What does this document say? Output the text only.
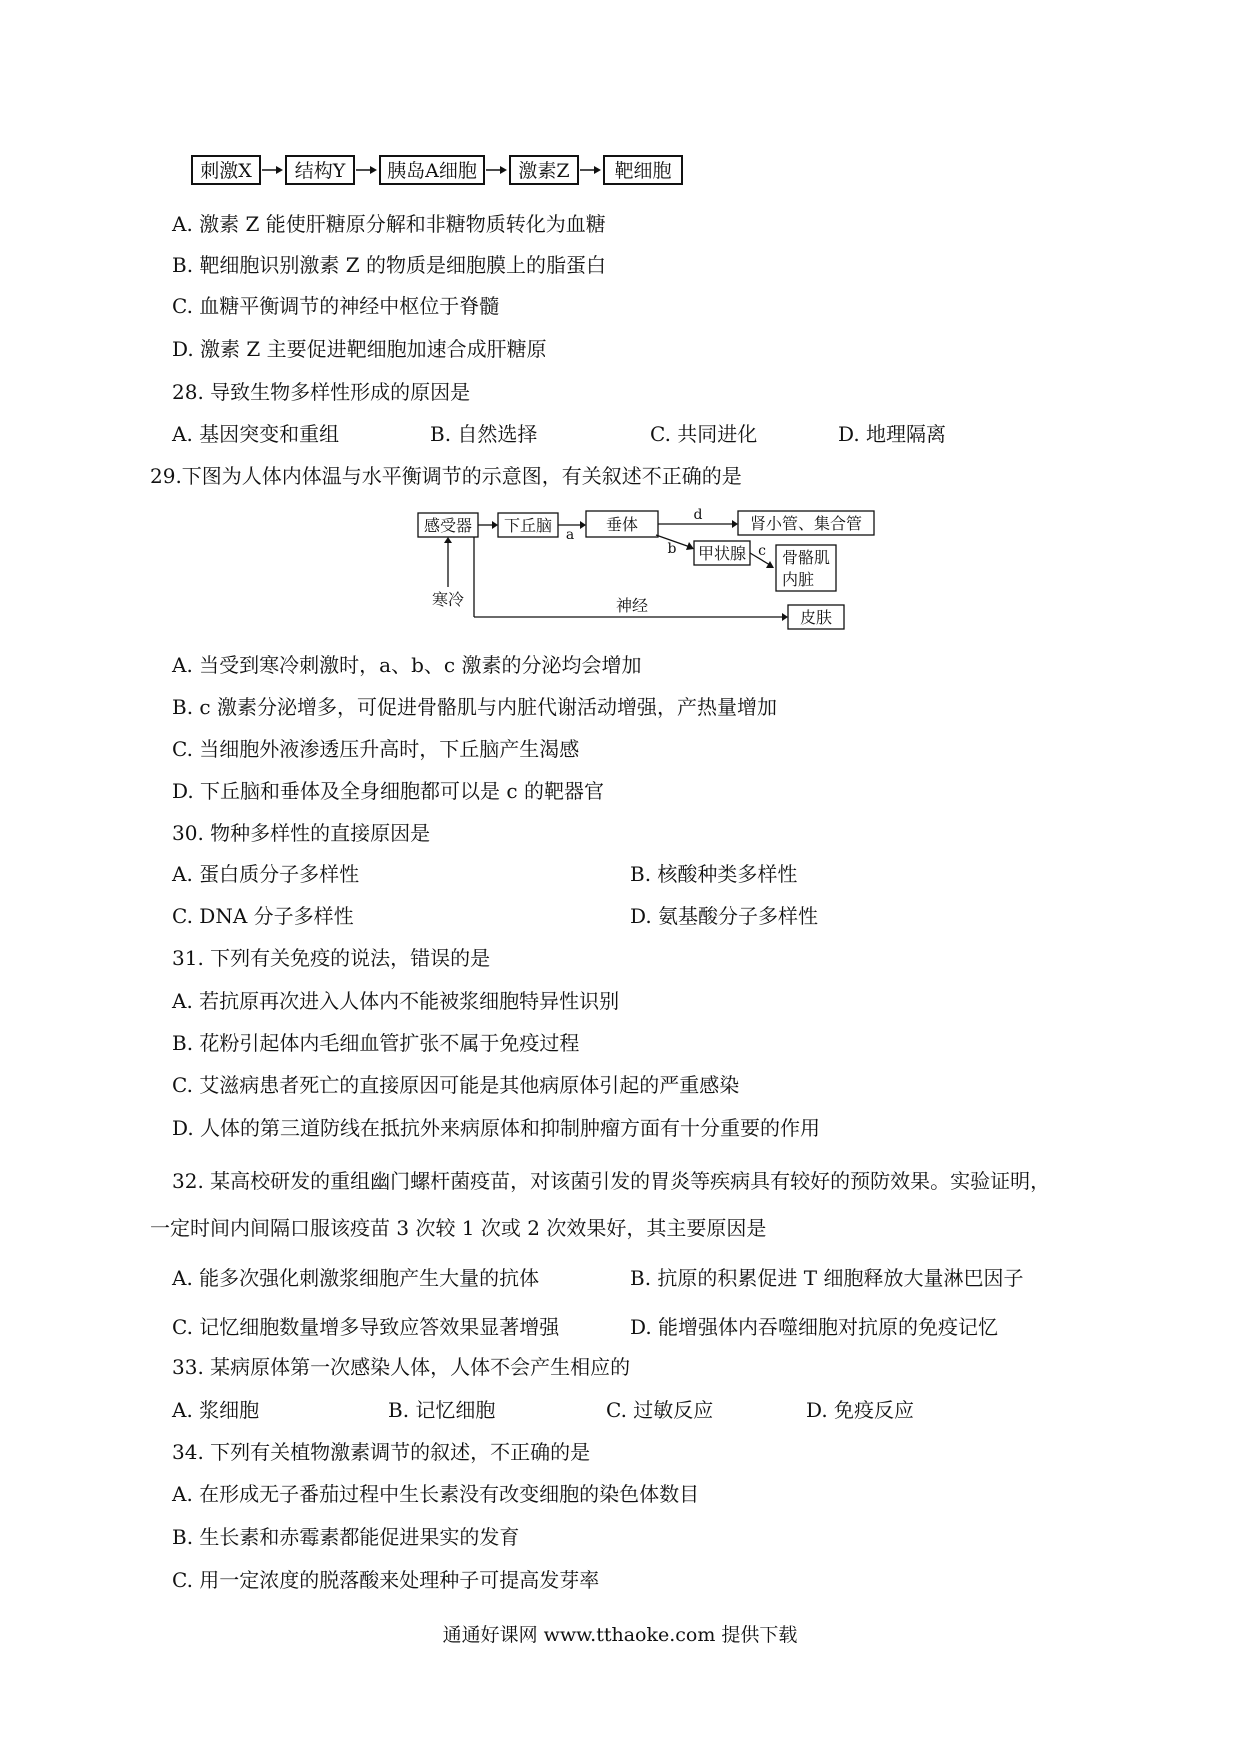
刺激X 结构Y 胰岛A细胞 激素Z 靶细胞
A. 激素 Z 能使肝糖原分解和非糖物质转化为血糖
B. 靶细胞识别激素 Z 的物质是细胞膜上的脂蛋白
C. 血糖平衡调节的神经中枢位于脊髓
D. 激素 Z 主要促进靶细胞加速合成肝糖原
28. 导致生物多样性形成的原因是
A. 基因突变和重组	B. 自然选择	C. 共同进化	D. 地理隔离
29.下图为人体内体温与水平衡调节的示意图，有关叙述不正确的是
感受器 下丘脑	垂体	肾小管、集合管
甲状腺 骨骼肌
内脏
寒冷	神经
皮肤
a
b	c
d
A. 当受到寒冷刺激时，a、b、c 激素的分泌均会增加
B. c 激素分泌增多，可促进骨骼肌与内脏代谢活动增强，产热量增加
C. 当细胞外液渗透压升高时，下丘脑产生渴感
D. 下丘脑和垂体及全身细胞都可以是 c 的靶器官
30. 物种多样性的直接原因是
A. 蛋白质分子多样性	B. 核酸种类多样性
C. DNA 分子多样性	D. 氨基酸分子多样性
31. 下列有关免疫的说法，错误的是
A. 若抗原再次进入人体内不能被浆细胞特异性识别
B. 花粉引起体内毛细血管扩张不属于免疫过程
C. 艾滋病患者死亡的直接原因可能是其他病原体引起的严重感染
D. 人体的第三道防线在抵抗外来病原体和抑制肿瘤方面有十分重要的作用
32. 某高校研发的重组幽门螺杆菌疫苗，对该菌引发的胃炎等疾病具有较好的预防效果。实验证明，
一定时间内间隔口服该疫苗 3 次较 1 次或 2 次效果好，其主要原因是
A. 能多次强化刺激浆细胞产生大量的抗体	B. 抗原的积累促进 T 细胞释放大量淋巴因子
C. 记忆细胞数量增多导致应答效果显著增强	D. 能增强体内吞噬细胞对抗原的免疫记忆
33. 某病原体第一次感染人体，人体不会产生相应的
A. 浆细胞	B. 记忆细胞	C. 过敏反应	D. 免疫反应
34. 下列有关植物激素调节的叙述，不正确的是
A. 在形成无子番茄过程中生长素没有改变细胞的染色体数目
B. 生长素和赤霉素都能促进果实的发育
C. 用一定浓度的脱落酸来处理种子可提高发芽率
通通好课网 www.tthaoke.com 提供下载
